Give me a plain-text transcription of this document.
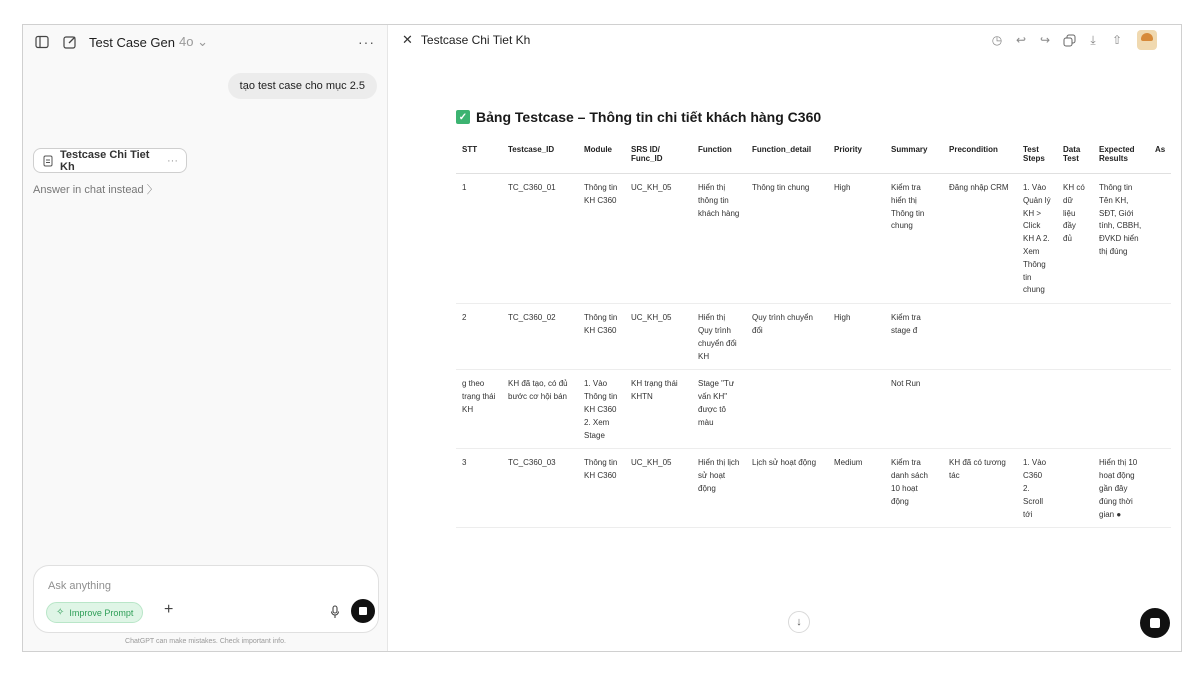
Test Case Gen 4o ⌄	···
tạo test case cho mục 2.5
Testcase Chi Tiet Kh	···
Answer in chat instead 〉
Ask anything
✧ Improve Prompt +
ChatGPT can make mistakes. Check important info.
✕ Testcase Chi Tiet Kh	◷ ↩ ↪	⤓	⇧
✓ Bảng Testcase – Thông tin chi tiết khách hàng C360
STT	Testcase_ID	Module	SRS ID/ Func_ID	Function	Function_detail	Priority	Summary	Precondition	Test Steps	Data Test	Expected Results	As
1	TC_C360_01	Thông tin KH C360	UC_KH_05	Hiển thị thông tin khách hàng	Thông tin chung	High	Kiểm tra hiển thị Thông tin chung	Đăng nhập CRM	1. Vào Quản lý KH > Click KH A 2. Xem Thông tin chung	KH có dữ liệu đầy đủ	Thông tin Tên KH, SĐT, Giới tính, CBBH, ĐVKD hiển thị đúng	
2	TC_C360_02	Thông tin KH C360	UC_KH_05	Hiển thị Quy trình chuyển đổi KH	Quy trình chuyển đổi	High	Kiểm tra stage đ					
g theo trạng thái KH	KH đã tạo, có đủ bước cơ hội bán	1. Vào Thông tin KH C360 2. Xem Stage	KH trạng thái KHTN	Stage "Tư vấn KH" được tô màu			Not Run					
3	TC_C360_03	Thông tin KH C360	UC_KH_05	Hiển thị lịch sử hoạt động	Lịch sử hoạt động	Medium	Kiểm tra danh sách 10 hoạt động	KH đã có tương tác	1. Vào C360 2. Scroll tới		Hiển thị 10 hoạt động gần đây đúng thời gian ●	
↓
